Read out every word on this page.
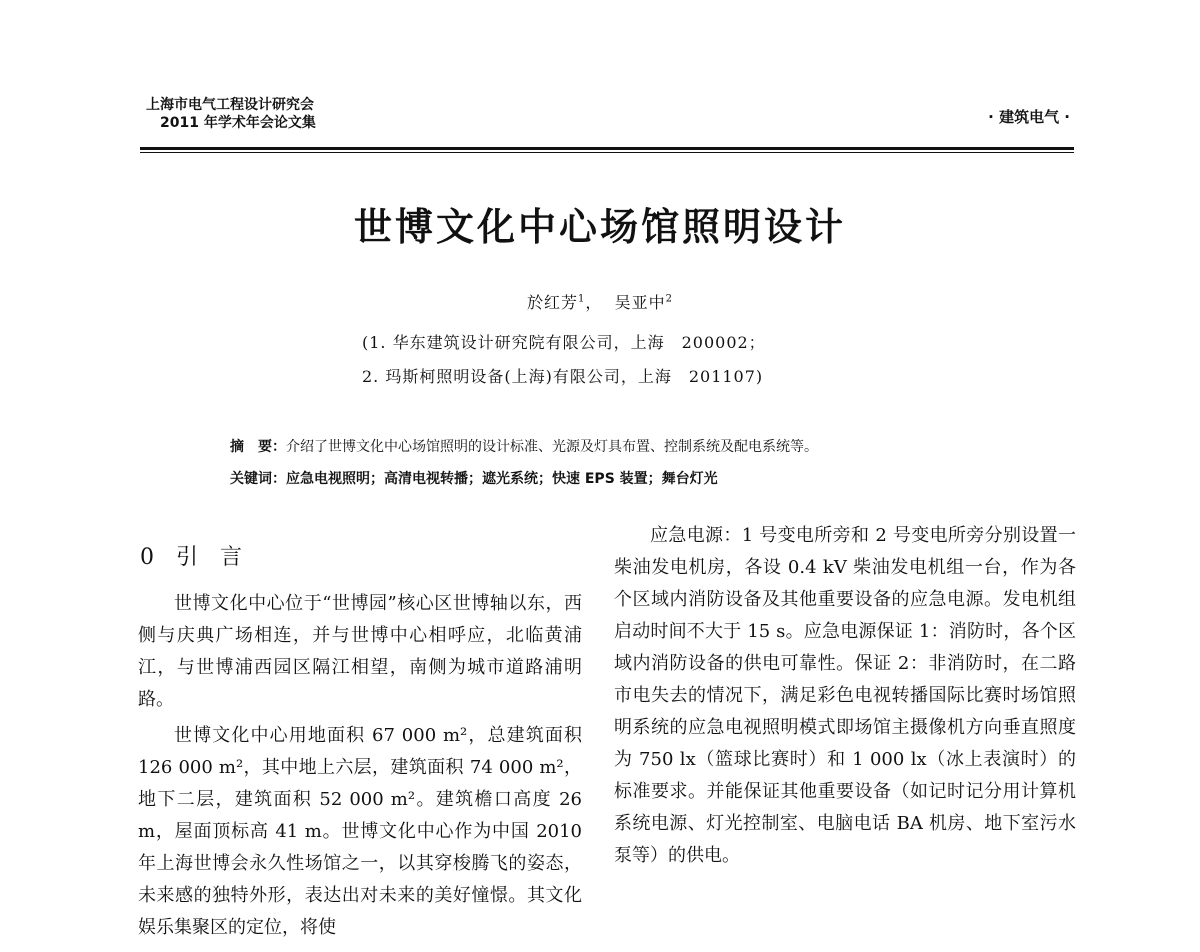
上海市电气工程设计研究会
2011 年学术年会论文集	· 建筑电气 ·
世博文化中心场馆照明设计
於红芳$^1$， 吴亚中$^2$
(1. 华东建筑设计研究院有限公司，上海　200002；
2. 玛斯柯照明设备(上海)有限公司，上海　201107)
摘　要：介绍了世博文化中心场馆照明的设计标准、光源及灯具布置、控制系统及配电系统等。
关键词：应急电视照明；高清电视转播；遮光系统；快速 EPS 装置；舞台灯光
0 引 言

世博文化中心位于“世博园”核心区世博轴以东，西侧与庆典广场相连，并与世博中心相呼应，北临黄浦江，与世博浦西园区隔江相望，南侧为城市道路浦明路。

世博文化中心用地面积 67 000 m²，总建筑面积 126 000 m²，其中地上六层，建筑面积 74 000 m²，地下二层，建筑面积 52 000 m²。建筑檐口高度 26 m，屋面顶标高 41 m。世博文化中心作为中国 2010 年上海世博会永久性场馆之一，以其穿梭腾飞的姿态，未来感的独特外形，表达出对未来的美好憧憬。其文化娱乐集聚区的定位，将使

应急电源：1 号变电所旁和 2 号变电所旁分别设置一柴油发电机房，各设 0.4 kV 柴油发电机组一台，作为各个区域内消防设备及其他重要设备的应急电源。发电机组启动时间不大于 15 s。应急电源保证 1：消防时，各个区域内消防设备的供电可靠性。保证 2：非消防时，在二路市电失去的情况下，满足彩色电视转播国际比赛时场馆照明系统的应急电视照明模式即场馆主摄像机方向垂直照度为 750 lx（篮球比赛时）和 1 000 lx（冰上表演时）的标准要求。并能保证其他重要设备（如记时记分用计算机系统电源、灯光控制室、电脑电话 BA 机房、地下室污水泵等）的供电。
